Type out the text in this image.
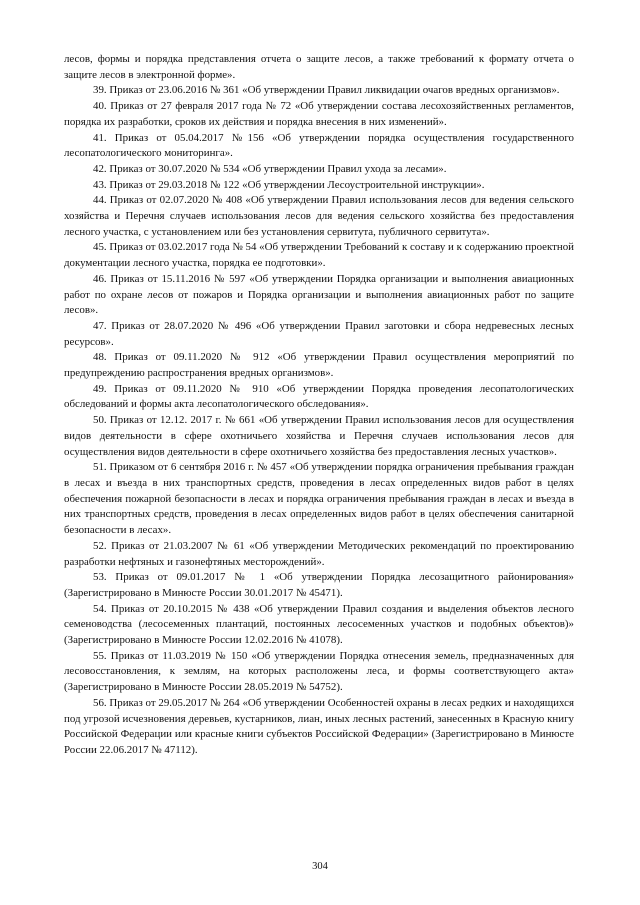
лесов, формы и порядка представления отчета о защите лесов, а также требований к формату отчета о защите лесов в электронной форме».

39. Приказ от 23.06.2016 № 361 «Об утверждении Правил ликвидации очагов вредных организмов».

40. Приказ от 27 февраля 2017 года № 72 «Об утверждении состава лесохозяйственных регламентов, порядка их разработки, сроков их действия и порядка внесения в них изменений».

41. Приказ от 05.04.2017 №156 «Об утверждении порядка осуществления государственного лесопатологического мониторинга».

42. Приказ от 30.07.2020 № 534 «Об утверждении Правил ухода за лесами».

43. Приказ от 29.03.2018 № 122 «Об утверждении Лесоустроительной инструкции».

44. Приказ от 02.07.2020 № 408 «Об утверждении Правил использования лесов для ведения сельского хозяйства и Перечня случаев использования лесов для ведения сельского хозяйства без предоставления лесного участка, с установлением или без установления сервитута, публичного сервитута».

45. Приказ от 03.02.2017 года № 54 «Об утверждении Требований к составу и к содержанию проектной документации лесного участка, порядка ее подготовки».

46. Приказ от 15.11.2016 № 597 «Об утверждении Порядка организации и выполнения авиационных работ по охране лесов от пожаров и Порядка организации и выполнения авиационных работ по защите лесов».

47. Приказ от 28.07.2020 № 496 «Об утверждении Правил заготовки и сбора недревесных лесных ресурсов».

48. Приказ от 09.11.2020 № 912 «Об утверждении Правил осуществления мероприятий по предупреждению распространения вредных организмов».

49. Приказ от 09.11.2020 № 910 «Об утверждении Порядка проведения лесопатологических обследований и формы акта лесопатологического обследования».

50. Приказ от 12.12. 2017 г. № 661 «Об утверждении Правил использования лесов для осуществления видов деятельности в сфере охотничьего хозяйства и Перечня случаев использования лесов для осуществления видов деятельности в сфере охотничьего хозяйства без предоставления лесных участков».

51. Приказом от 6 сентября 2016 г. № 457 «Об утверждении порядка ограничения пребывания граждан в лесах и въезда в них транспортных средств, проведения в лесах определенных видов работ в целях обеспечения пожарной безопасности в лесах и порядка ограничения пребывания граждан в лесах и въезда в них транспортных средств, проведения в лесах определенных видов работ в целях обеспечения санитарной безопасности в лесах».

52. Приказ от 21.03.2007 № 61 «Об утверждении Методических рекомендаций по проектированию разработки нефтяных и газонефтяных месторождений».

53. Приказ от 09.01.2017 № 1 «Об утверждении Порядка лесозащитного районирования» (Зарегистрировано в Минюсте России 30.01.2017 № 45471).

54. Приказ от 20.10.2015 № 438 «Об утверждении Правил создания и выделения объектов лесного семеноводства (лесосеменных плантаций, постоянных лесосеменных участков и подобных объектов)» (Зарегистрировано в Минюсте России 12.02.2016 № 41078).

55. Приказ от 11.03.2019 № 150 «Об утверждении Порядка отнесения земель, предназначенных для лесовосстановления, к землям, на которых расположены леса, и формы соответствующего акта» (Зарегистрировано в Минюсте России 28.05.2019 № 54752).

56. Приказ от 29.05.2017 № 264 «Об утверждении Особенностей охраны в лесах редких и находящихся под угрозой исчезновения деревьев, кустарников, лиан, иных лесных растений, занесенных в Красную книгу Российской Федерации или красные книги субъектов Российской Федерации» (Зарегистрировано в Минюсте России 22.06.2017 № 47112).

304
